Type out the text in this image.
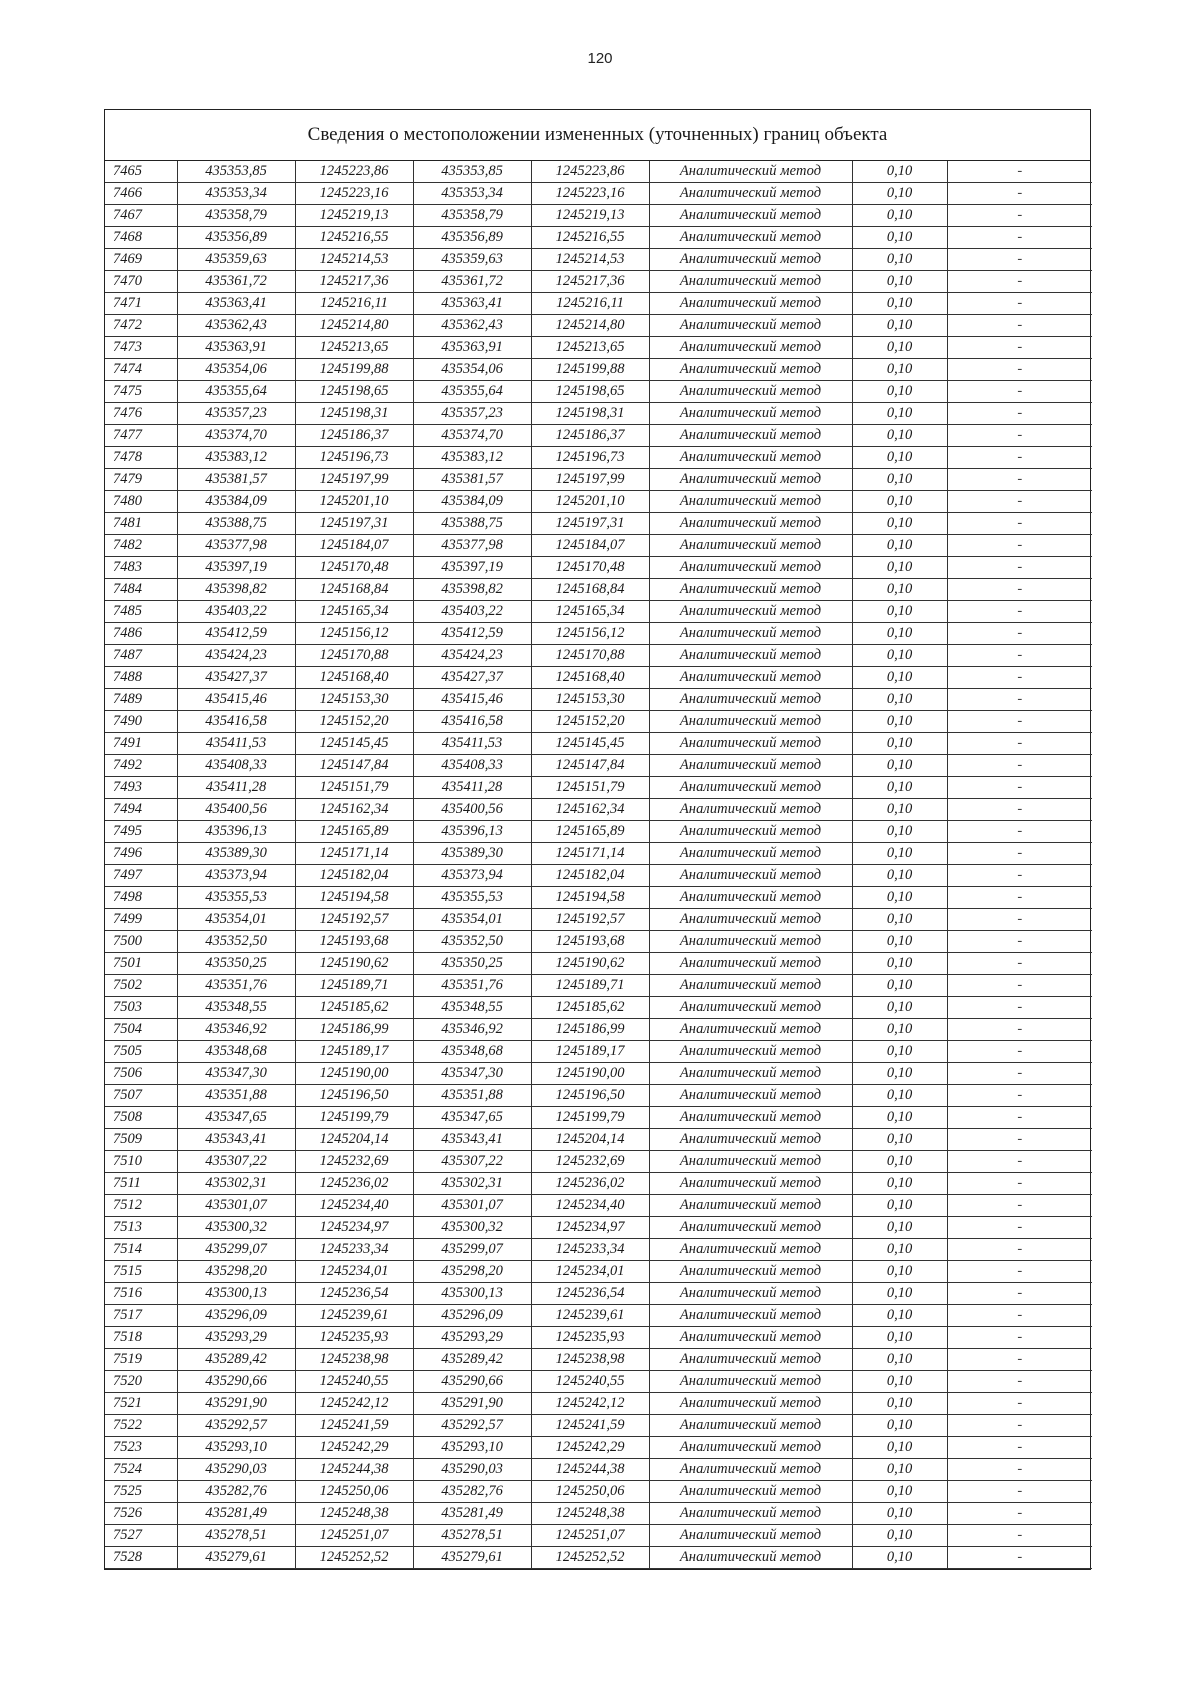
120
Сведения о местоположении измененных (уточненных) границ объекта
7465	435353,85	1245223,86	435353,85	1245223,86	Аналитический метод	0,10	-
7466	435353,34	1245223,16	435353,34	1245223,16	Аналитический метод	0,10	-
7467	435358,79	1245219,13	435358,79	1245219,13	Аналитический метод	0,10	-
7468	435356,89	1245216,55	435356,89	1245216,55	Аналитический метод	0,10	-
7469	435359,63	1245214,53	435359,63	1245214,53	Аналитический метод	0,10	-
7470	435361,72	1245217,36	435361,72	1245217,36	Аналитический метод	0,10	-
7471	435363,41	1245216,11	435363,41	1245216,11	Аналитический метод	0,10	-
7472	435362,43	1245214,80	435362,43	1245214,80	Аналитический метод	0,10	-
7473	435363,91	1245213,65	435363,91	1245213,65	Аналитический метод	0,10	-
7474	435354,06	1245199,88	435354,06	1245199,88	Аналитический метод	0,10	-
7475	435355,64	1245198,65	435355,64	1245198,65	Аналитический метод	0,10	-
7476	435357,23	1245198,31	435357,23	1245198,31	Аналитический метод	0,10	-
7477	435374,70	1245186,37	435374,70	1245186,37	Аналитический метод	0,10	-
7478	435383,12	1245196,73	435383,12	1245196,73	Аналитический метод	0,10	-
7479	435381,57	1245197,99	435381,57	1245197,99	Аналитический метод	0,10	-
7480	435384,09	1245201,10	435384,09	1245201,10	Аналитический метод	0,10	-
7481	435388,75	1245197,31	435388,75	1245197,31	Аналитический метод	0,10	-
7482	435377,98	1245184,07	435377,98	1245184,07	Аналитический метод	0,10	-
7483	435397,19	1245170,48	435397,19	1245170,48	Аналитический метод	0,10	-
7484	435398,82	1245168,84	435398,82	1245168,84	Аналитический метод	0,10	-
7485	435403,22	1245165,34	435403,22	1245165,34	Аналитический метод	0,10	-
7486	435412,59	1245156,12	435412,59	1245156,12	Аналитический метод	0,10	-
7487	435424,23	1245170,88	435424,23	1245170,88	Аналитический метод	0,10	-
7488	435427,37	1245168,40	435427,37	1245168,40	Аналитический метод	0,10	-
7489	435415,46	1245153,30	435415,46	1245153,30	Аналитический метод	0,10	-
7490	435416,58	1245152,20	435416,58	1245152,20	Аналитический метод	0,10	-
7491	435411,53	1245145,45	435411,53	1245145,45	Аналитический метод	0,10	-
7492	435408,33	1245147,84	435408,33	1245147,84	Аналитический метод	0,10	-
7493	435411,28	1245151,79	435411,28	1245151,79	Аналитический метод	0,10	-
7494	435400,56	1245162,34	435400,56	1245162,34	Аналитический метод	0,10	-
7495	435396,13	1245165,89	435396,13	1245165,89	Аналитический метод	0,10	-
7496	435389,30	1245171,14	435389,30	1245171,14	Аналитический метод	0,10	-
7497	435373,94	1245182,04	435373,94	1245182,04	Аналитический метод	0,10	-
7498	435355,53	1245194,58	435355,53	1245194,58	Аналитический метод	0,10	-
7499	435354,01	1245192,57	435354,01	1245192,57	Аналитический метод	0,10	-
7500	435352,50	1245193,68	435352,50	1245193,68	Аналитический метод	0,10	-
7501	435350,25	1245190,62	435350,25	1245190,62	Аналитический метод	0,10	-
7502	435351,76	1245189,71	435351,76	1245189,71	Аналитический метод	0,10	-
7503	435348,55	1245185,62	435348,55	1245185,62	Аналитический метод	0,10	-
7504	435346,92	1245186,99	435346,92	1245186,99	Аналитический метод	0,10	-
7505	435348,68	1245189,17	435348,68	1245189,17	Аналитический метод	0,10	-
7506	435347,30	1245190,00	435347,30	1245190,00	Аналитический метод	0,10	-
7507	435351,88	1245196,50	435351,88	1245196,50	Аналитический метод	0,10	-
7508	435347,65	1245199,79	435347,65	1245199,79	Аналитический метод	0,10	-
7509	435343,41	1245204,14	435343,41	1245204,14	Аналитический метод	0,10	-
7510	435307,22	1245232,69	435307,22	1245232,69	Аналитический метод	0,10	-
7511	435302,31	1245236,02	435302,31	1245236,02	Аналитический метод	0,10	-
7512	435301,07	1245234,40	435301,07	1245234,40	Аналитический метод	0,10	-
7513	435300,32	1245234,97	435300,32	1245234,97	Аналитический метод	0,10	-
7514	435299,07	1245233,34	435299,07	1245233,34	Аналитический метод	0,10	-
7515	435298,20	1245234,01	435298,20	1245234,01	Аналитический метод	0,10	-
7516	435300,13	1245236,54	435300,13	1245236,54	Аналитический метод	0,10	-
7517	435296,09	1245239,61	435296,09	1245239,61	Аналитический метод	0,10	-
7518	435293,29	1245235,93	435293,29	1245235,93	Аналитический метод	0,10	-
7519	435289,42	1245238,98	435289,42	1245238,98	Аналитический метод	0,10	-
7520	435290,66	1245240,55	435290,66	1245240,55	Аналитический метод	0,10	-
7521	435291,90	1245242,12	435291,90	1245242,12	Аналитический метод	0,10	-
7522	435292,57	1245241,59	435292,57	1245241,59	Аналитический метод	0,10	-
7523	435293,10	1245242,29	435293,10	1245242,29	Аналитический метод	0,10	-
7524	435290,03	1245244,38	435290,03	1245244,38	Аналитический метод	0,10	-
7525	435282,76	1245250,06	435282,76	1245250,06	Аналитический метод	0,10	-
7526	435281,49	1245248,38	435281,49	1245248,38	Аналитический метод	0,10	-
7527	435278,51	1245251,07	435278,51	1245251,07	Аналитический метод	0,10	-
7528	435279,61	1245252,52	435279,61	1245252,52	Аналитический метод	0,10	-
